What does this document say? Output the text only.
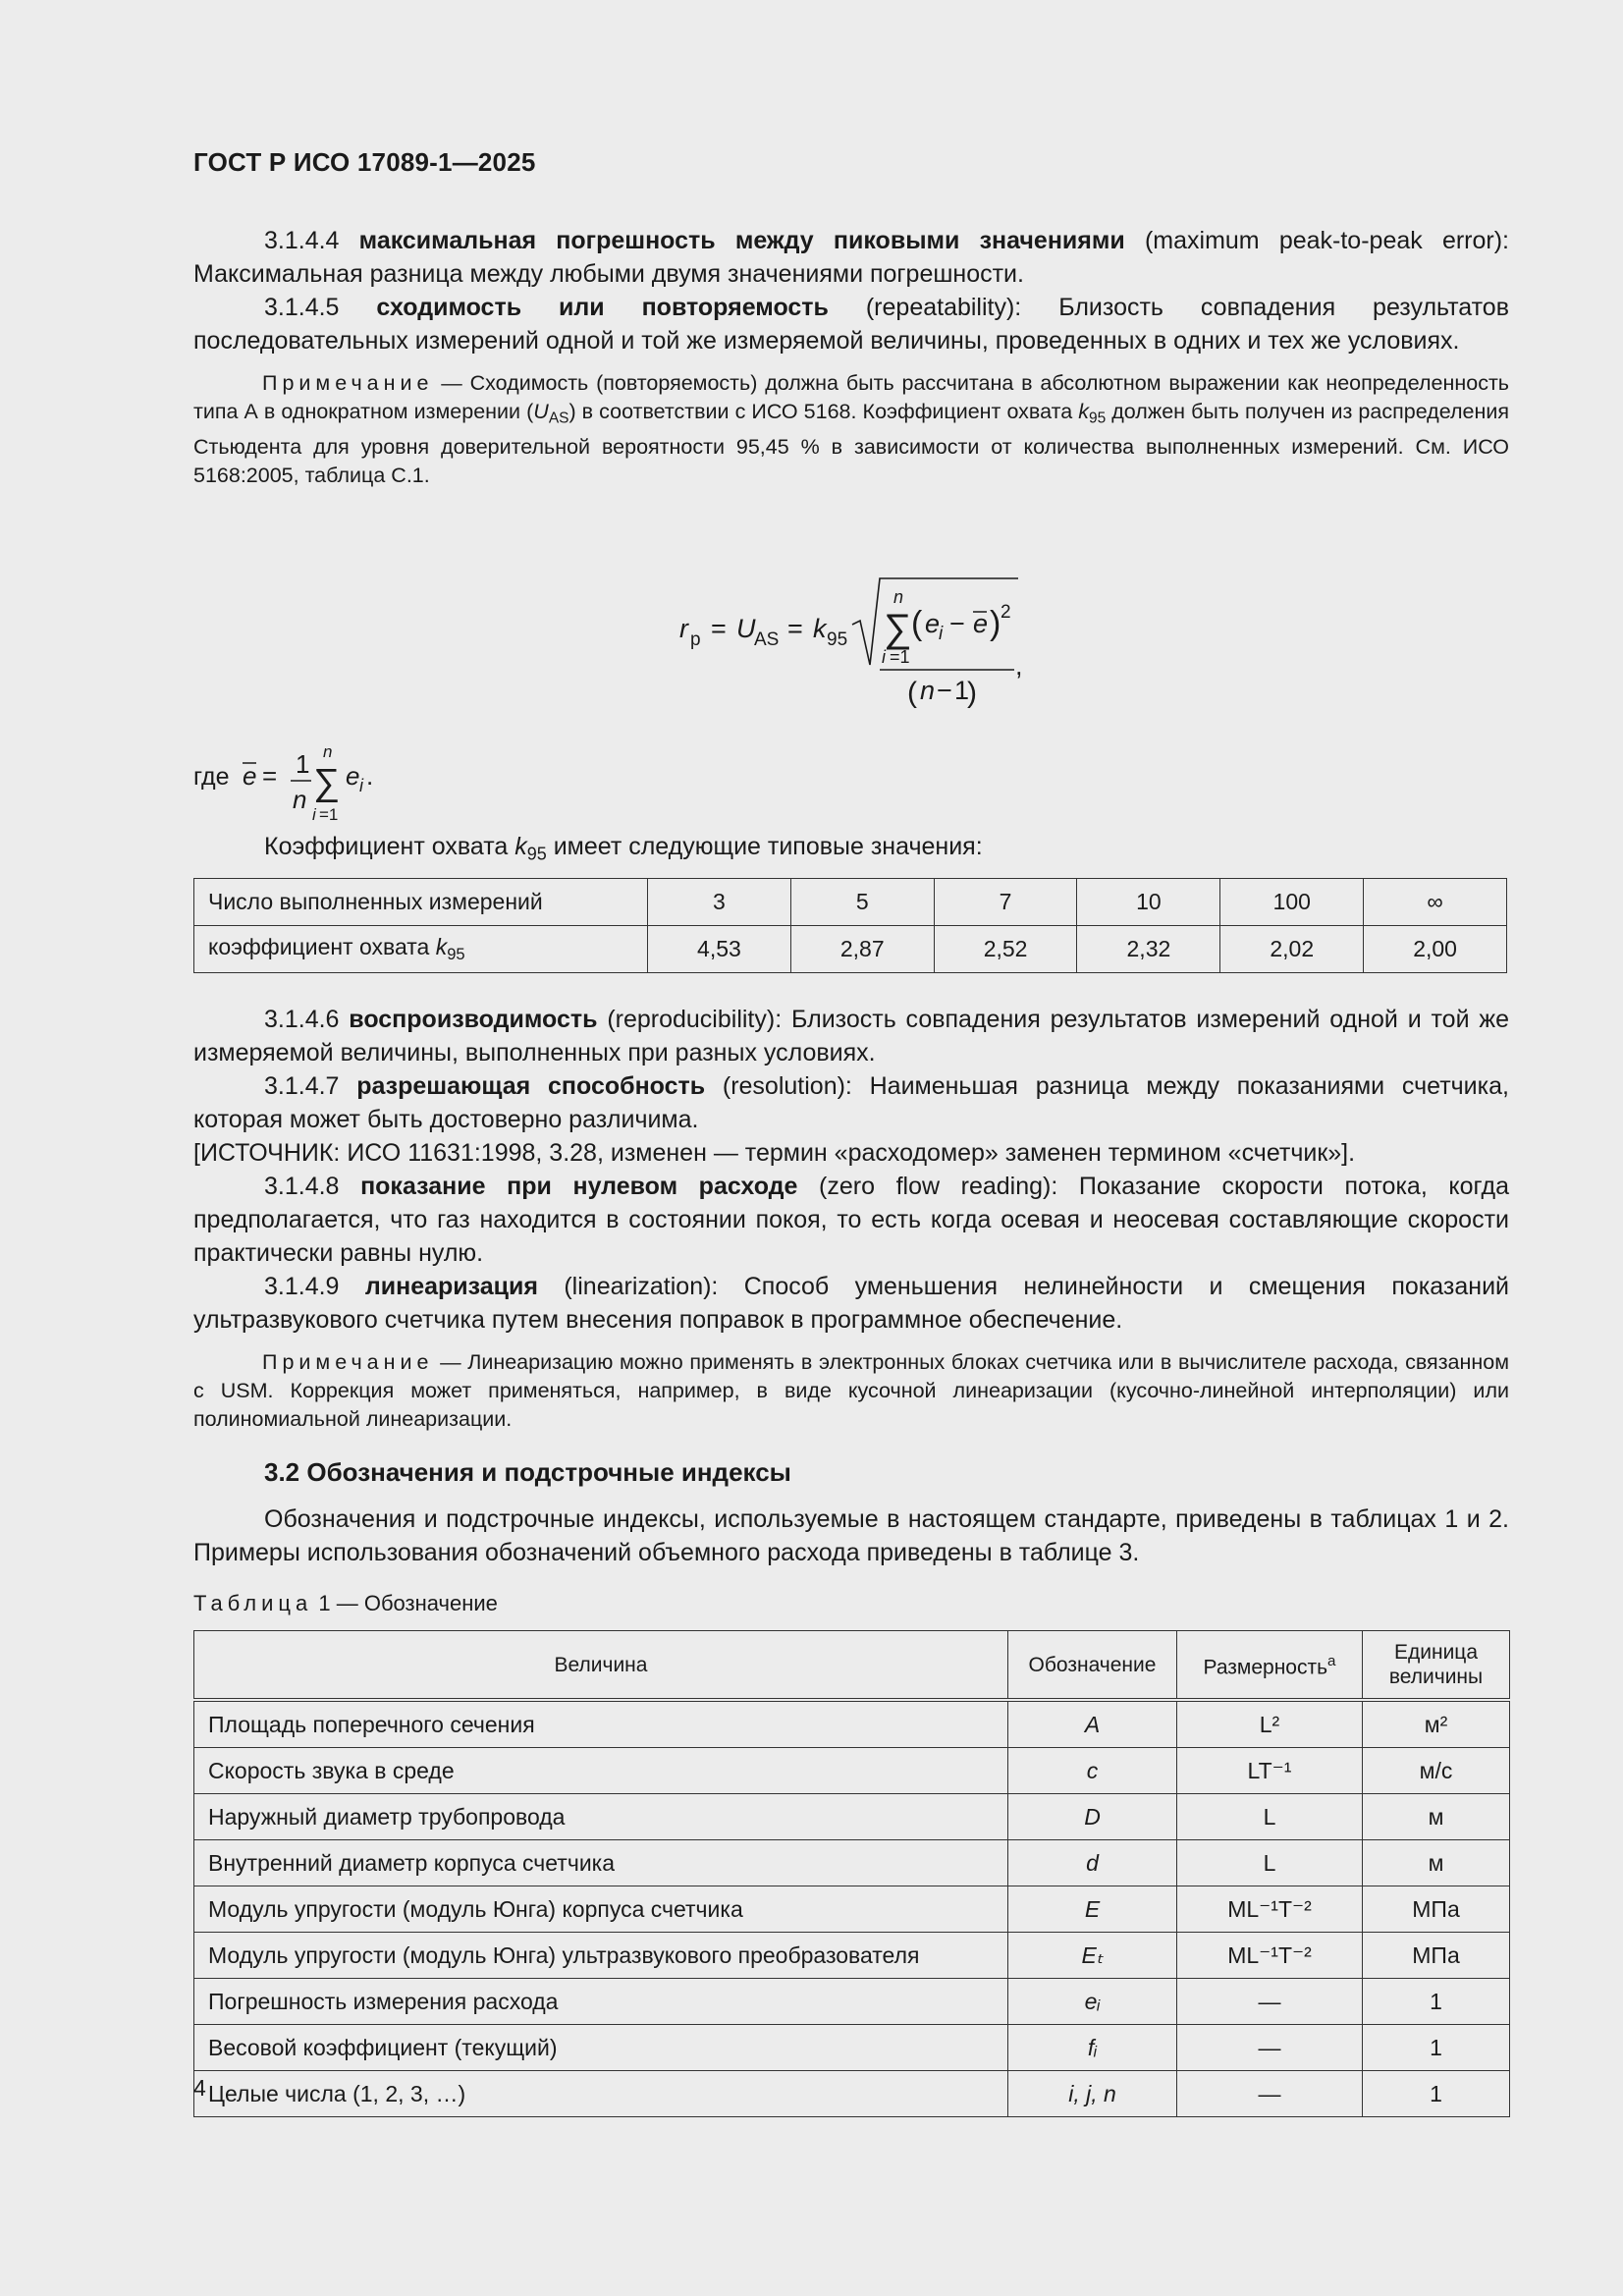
ГОСТ Р ИСО 17089-1—2025

3.1.4.4 максимальная погрешность между пиковыми значениями (maximum peak-to-peak error): Максимальная разница между любыми двумя значениями погрешности.

3.1.4.5 сходимость или повторяемость (repeatability): Близость совпадения результатов последовательных измерений одной и той же измеряемой величины, проведенных в одних и тех же условиях.

Примечание — Сходимость (повторяемость) должна быть рассчитана в абсолютном выражении как неопределенность типа А в однократном измерении $(U_{AS})$ в соответствии с ИСО 5168. Коэффициент охвата $k_{95}$ должен быть получен из распределения Стьюдента для уровня доверительной вероятности 95,45 % в зависимости от количества выполненных измерений. См. ИСО 5168:2005, таблица С.1.

r p = U
AS = k 95
n
∑
i =1
( e
i − e ) 2
( n − 1
)
,
где e = 1
n
n
∑
i =1
e i .

Коэффициент охвата $k_{95}$ имеет следующие типовые значения:

Число выполненных измерений	3	5	7	10	100	∞
коэффициент охвата $k_{95}$	4,53	2,87	2,52	2,32	2,02	2,00

3.1.4.6 воспроизводимость (reproducibility): Близость совпадения результатов измерений одной и той же измеряемой величины, выполненных при разных условиях.

3.1.4.7 разрешающая способность (resolution): Наименьшая разница между показаниями счетчика, которая может быть достоверно различима.

[ИСТОЧНИК: ИСО 11631:1998, 3.28, изменен — термин «расходомер» заменен термином «счетчик»].

3.1.4.8 показание при нулевом расходе (zero flow reading): Показание скорости потока, когда предполагается, что газ находится в состоянии покоя, то есть когда осевая и неосевая составляющие скорости практически равны нулю.

3.1.4.9 линеаризация (linearization): Способ уменьшения нелинейности и смещения показаний ультразвукового счетчика путем внесения поправок в программное обеспечение.

Примечание — Линеаризацию можно применять в электронных блоках счетчика или в вычислителе расхода, связанном с USM. Коррекция может применяться, например, в виде кусочной линеаризации (кусочно-линейной интерполяции) или полиномиальной линеаризации.

3.2 Обозначения и подстрочные индексы

Обозначения и подстрочные индексы, используемые в настоящем стандарте, приведены в таблицах 1 и 2. Примеры использования обозначений объемного расхода приведены в таблице 3.

Таблица 1 — Обозначение
Величина	Обозначение	Размерность$^a$	Единица величины
Площадь поперечного сечения	A	L²	м²
Скорость звука в среде	c	LT⁻¹	м/с
Наружный диаметр трубопровода	D	L	м
Внутренний диаметр корпуса счетчика	d	L	м
Модуль упругости (модуль Юнга) корпуса счетчика	E	ML⁻¹T⁻²	МПа
Модуль упругости (модуль Юнга) ультразвукового преобразователя	Eₜ	ML⁻¹T⁻²	МПа
Погрешность измерения расхода	eᵢ	—	1
Весовой коэффициент (текущий)	fᵢ	—	1
Целые числа (1, 2, 3, …)	i, j, n	—	1
4
